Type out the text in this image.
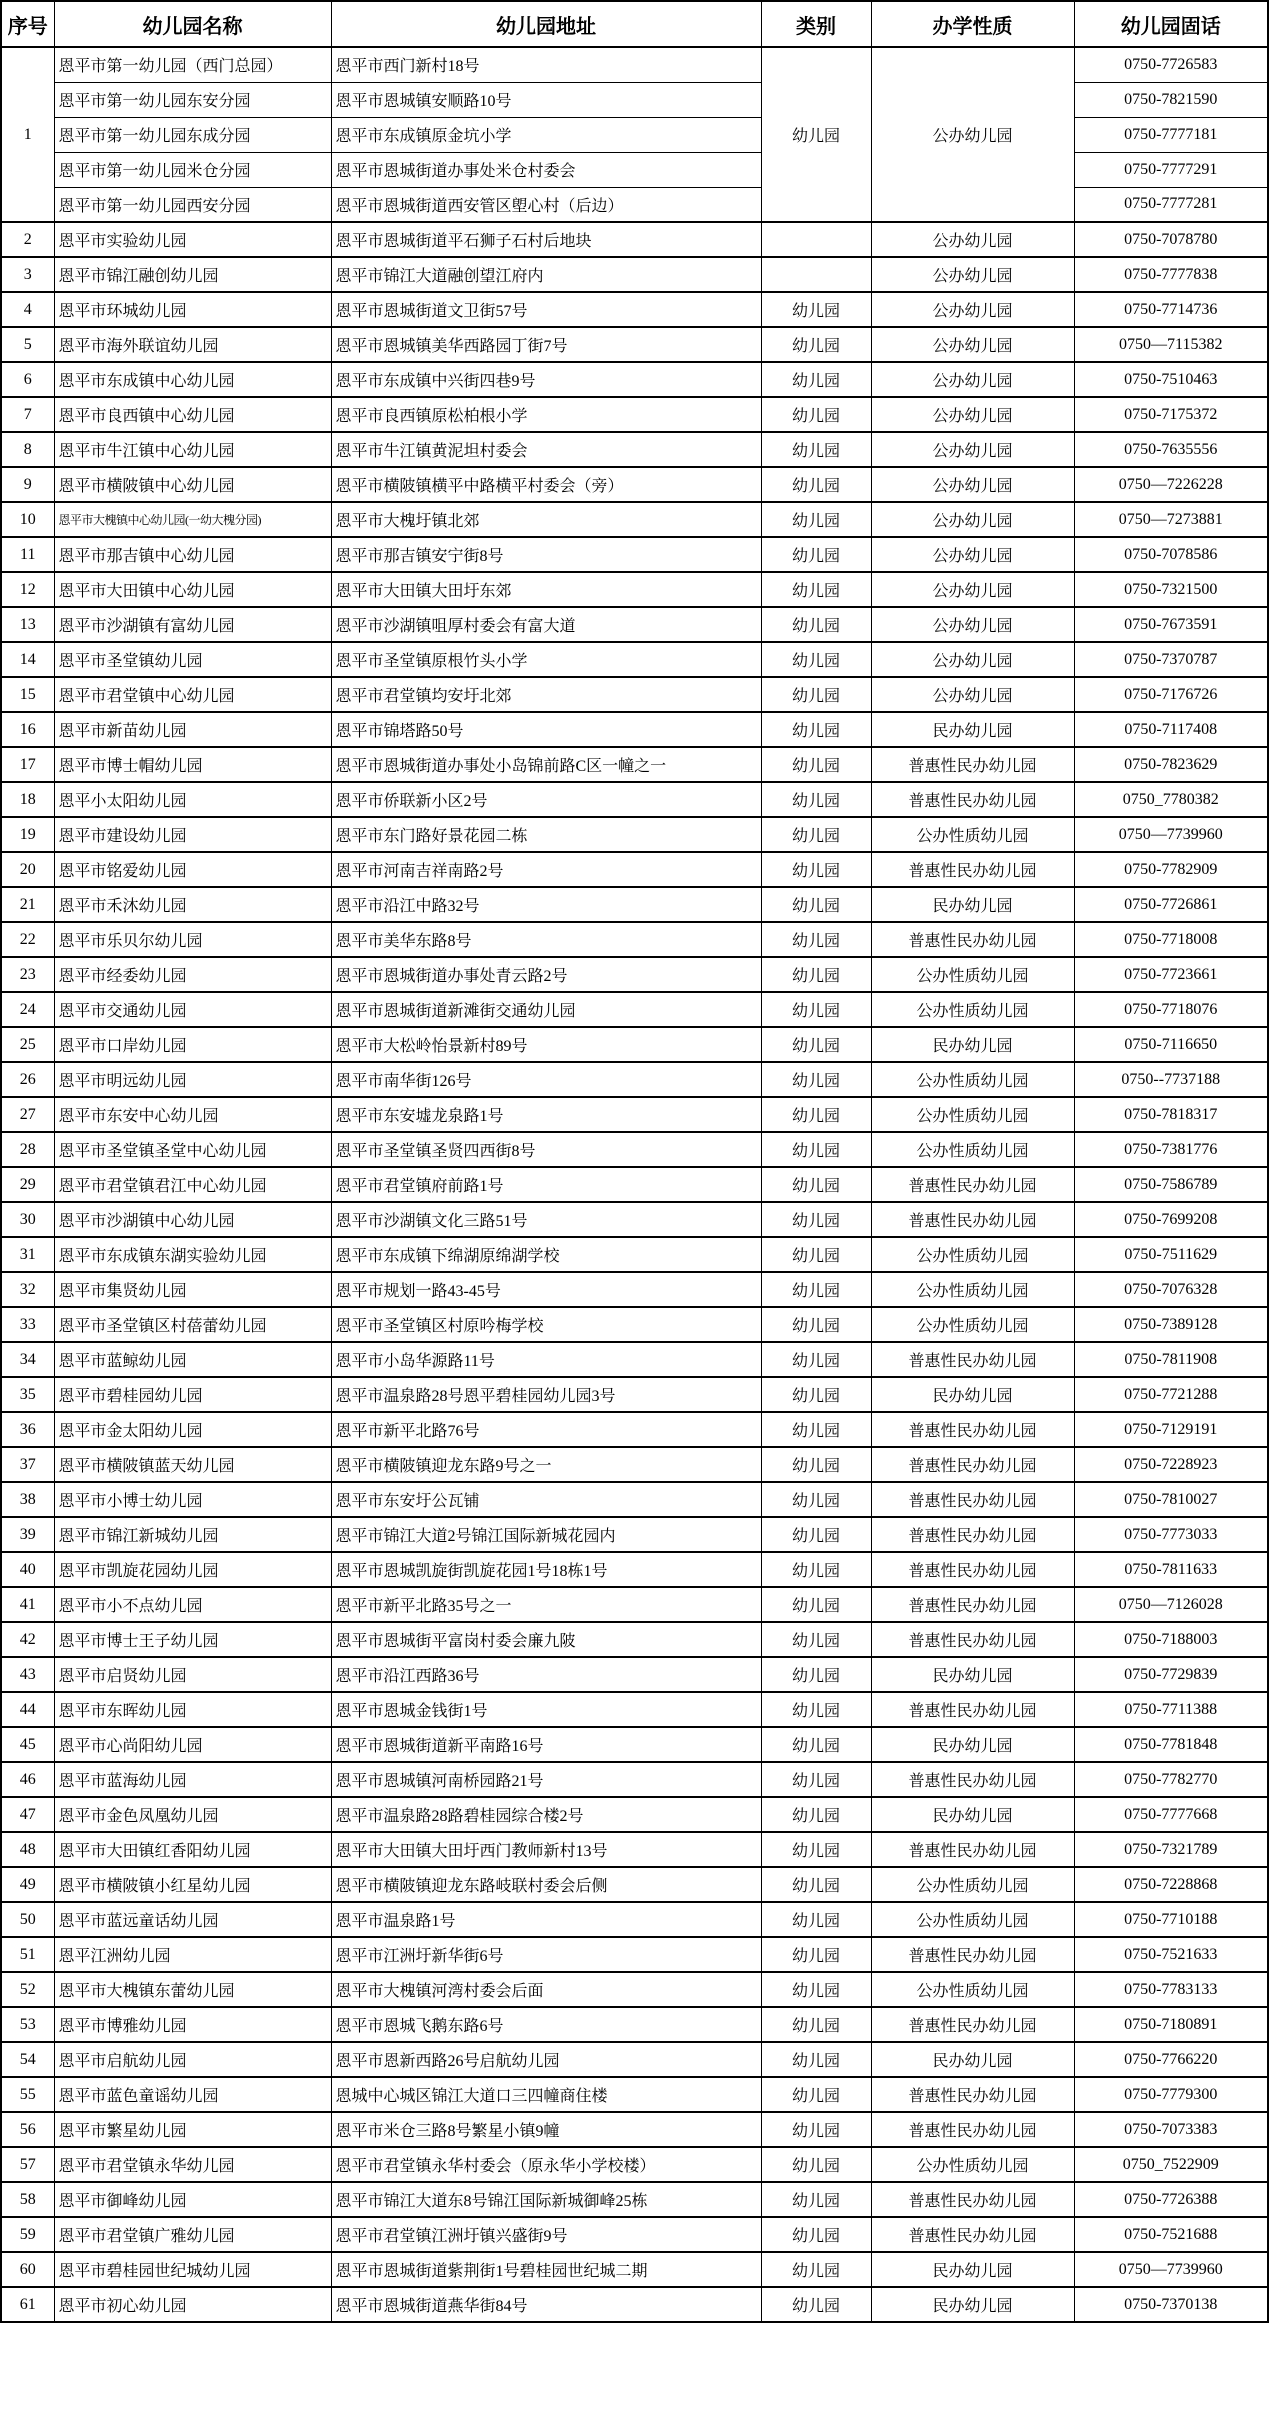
序号	幼儿园名称	幼儿园地址	类别	办学性质	幼儿园固话
1	恩平市第一幼儿园（西门总园）	恩平市西门新村18号	幼儿园	公办幼儿园	0750-7726583
	恩平市第一幼儿园东安分园	恩平市恩城镇安顺路10号			0750-7821590
	恩平市第一幼儿园东成分园	恩平市东成镇原金坑小学			0750-7777181
	恩平市第一幼儿园米仓分园	恩平市恩城街道办事处米仓村委会			0750-7777291
	恩平市第一幼儿园西安分园	恩平市恩城街道西安管区塱心村（后边）			0750-7777281
2	恩平市实验幼儿园	恩平市恩城街道平石狮子石村后地块		公办幼儿园	0750-7078780
3	恩平市锦江融创幼儿园	恩平市锦江大道融创望江府内		公办幼儿园	0750-7777838
4	恩平市环城幼儿园	恩平市恩城街道文卫街57号	幼儿园	公办幼儿园	0750-7714736
5	恩平市海外联谊幼儿园	恩平市恩城镇美华西路园丁街7号	幼儿园	公办幼儿园	0750—7115382
6	恩平市东成镇中心幼儿园	恩平市东成镇中兴街四巷9号	幼儿园	公办幼儿园	0750-7510463
7	恩平市良西镇中心幼儿园	恩平市良西镇原松柏根小学	幼儿园	公办幼儿园	0750-7175372
8	恩平市牛江镇中心幼儿园	恩平市牛江镇黄泥坦村委会	幼儿园	公办幼儿园	0750-7635556
9	恩平市横陂镇中心幼儿园	恩平市横陂镇横平中路横平村委会（旁）	幼儿园	公办幼儿园	0750—7226228
10	恩平市大槐镇中心幼儿园(一幼大槐分园)	恩平市大槐圩镇北郊	幼儿园	公办幼儿园	0750—7273881
11	恩平市那吉镇中心幼儿园	恩平市那吉镇安宁街8号	幼儿园	公办幼儿园	0750-7078586
12	恩平市大田镇中心幼儿园	恩平市大田镇大田圩东郊	幼儿园	公办幼儿园	0750-7321500
13	恩平市沙湖镇有富幼儿园	恩平市沙湖镇咀厚村委会有富大道	幼儿园	公办幼儿园	0750-7673591
14	恩平市圣堂镇幼儿园	恩平市圣堂镇原根竹头小学	幼儿园	公办幼儿园	0750-7370787
15	恩平市君堂镇中心幼儿园	恩平市君堂镇均安圩北郊	幼儿园	公办幼儿园	0750-7176726
16	恩平市新苗幼儿园	恩平市锦塔路50号	幼儿园	民办幼儿园	0750-7117408
17	恩平市博士帽幼儿园	恩平市恩城街道办事处小岛锦前路C区一幢之一	幼儿园	普惠性民办幼儿园	0750-7823629
18	恩平小太阳幼儿园	恩平市侨联新小区2号	幼儿园	普惠性民办幼儿园	0750_7780382
19	恩平市建设幼儿园	恩平市东门路好景花园二栋	幼儿园	公办性质幼儿园	0750—7739960
20	恩平市铭爱幼儿园	恩平市河南吉祥南路2号	幼儿园	普惠性民办幼儿园	0750-7782909
21	恩平市禾沐幼儿园	恩平市沿江中路32号	幼儿园	民办幼儿园	0750-7726861
22	恩平市乐贝尔幼儿园	恩平市美华东路8号	幼儿园	普惠性民办幼儿园	0750-7718008
23	恩平市经委幼儿园	恩平市恩城街道办事处青云路2号	幼儿园	公办性质幼儿园	0750-7723661
24	恩平市交通幼儿园	恩平市恩城街道新滩街交通幼儿园	幼儿园	公办性质幼儿园	0750-7718076
25	恩平市口岸幼儿园	恩平市大松岭怡景新村89号	幼儿园	民办幼儿园	0750-7116650
26	恩平市明远幼儿园	恩平市南华街126号	幼儿园	公办性质幼儿园	0750--7737188
27	恩平市东安中心幼儿园	恩平市东安墟龙泉路1号	幼儿园	公办性质幼儿园	0750-7818317
28	恩平市圣堂镇圣堂中心幼儿园	恩平市圣堂镇圣贤四西街8号	幼儿园	公办性质幼儿园	0750-7381776
29	恩平市君堂镇君江中心幼儿园	恩平市君堂镇府前路1号	幼儿园	普惠性民办幼儿园	0750-7586789
30	恩平市沙湖镇中心幼儿园	恩平市沙湖镇文化三路51号	幼儿园	普惠性民办幼儿园	0750-7699208
31	恩平市东成镇东湖实验幼儿园	恩平市东成镇下绵湖原绵湖学校	幼儿园	公办性质幼儿园	0750-7511629
32	恩平市集贤幼儿园	恩平市规划一路43-45号	幼儿园	公办性质幼儿园	0750-7076328
33	恩平市圣堂镇区村蓓蕾幼儿园	恩平市圣堂镇区村原吟梅学校	幼儿园	公办性质幼儿园	0750-7389128
34	恩平市蓝鲸幼儿园	恩平市小岛华源路11号	幼儿园	普惠性民办幼儿园	0750-7811908
35	恩平市碧桂园幼儿园	恩平市温泉路28号恩平碧桂园幼儿园3号	幼儿园	民办幼儿园	0750-7721288
36	恩平市金太阳幼儿园	恩平市新平北路76号	幼儿园	普惠性民办幼儿园	0750-7129191
37	恩平市横陂镇蓝天幼儿园	恩平市横陂镇迎龙东路9号之一	幼儿园	普惠性民办幼儿园	0750-7228923
38	恩平市小博士幼儿园	恩平市东安圩公瓦铺	幼儿园	普惠性民办幼儿园	0750-7810027
39	恩平市锦江新城幼儿园	恩平市锦江大道2号锦江国际新城花园内	幼儿园	普惠性民办幼儿园	0750-7773033
40	恩平市凯旋花园幼儿园	恩平市恩城凯旋街凯旋花园1号18栋1号	幼儿园	普惠性民办幼儿园	0750-7811633
41	恩平市小不点幼儿园	恩平市新平北路35号之一	幼儿园	普惠性民办幼儿园	0750—7126028
42	恩平市博士王子幼儿园	恩平市恩城街平富岗村委会廉九陂	幼儿园	普惠性民办幼儿园	0750-7188003
43	恩平市启贤幼儿园	恩平市沿江西路36号	幼儿园	民办幼儿园	0750-7729839
44	恩平市东晖幼儿园	恩平市恩城金钱街1号	幼儿园	普惠性民办幼儿园	0750-7711388
45	恩平市心尚阳幼儿园	恩平市恩城街道新平南路16号	幼儿园	民办幼儿园	0750-7781848
46	恩平市蓝海幼儿园	恩平市恩城镇河南桥园路21号	幼儿园	普惠性民办幼儿园	0750-7782770
47	恩平市金色凤凰幼儿园	恩平市温泉路28路碧桂园综合楼2号	幼儿园	民办幼儿园	0750-7777668
48	恩平市大田镇红香阳幼儿园	恩平市大田镇大田圩西门教师新村13号	幼儿园	普惠性民办幼儿园	0750-7321789
49	恩平市横陂镇小红星幼儿园	恩平市横陂镇迎龙东路岐联村委会后侧	幼儿园	公办性质幼儿园	0750-7228868
50	恩平市蓝远童话幼儿园	恩平市温泉路1号	幼儿园	公办性质幼儿园	0750-7710188
51	恩平江洲幼儿园	恩平市江洲圩新华街6号	幼儿园	普惠性民办幼儿园	0750-7521633
52	恩平市大槐镇东蕾幼儿园	恩平市大槐镇河湾村委会后面	幼儿园	公办性质幼儿园	0750-7783133
53	恩平市博雅幼儿园	恩平市恩城飞鹅东路6号	幼儿园	普惠性民办幼儿园	0750-7180891
54	恩平市启航幼儿园	恩平市恩新西路26号启航幼儿园	幼儿园	民办幼儿园	0750-7766220
55	恩平市蓝色童谣幼儿园	恩城中心城区锦江大道口三四幢商住楼	幼儿园	普惠性民办幼儿园	0750-7779300
56	恩平市繁星幼儿园	恩平市米仓三路8号繁星小镇9幢	幼儿园	普惠性民办幼儿园	0750-7073383
57	恩平市君堂镇永华幼儿园	恩平市君堂镇永华村委会（原永华小学校楼）	幼儿园	公办性质幼儿园	0750_7522909
58	恩平市御峰幼儿园	恩平市锦江大道东8号锦江国际新城御峰25栋	幼儿园	普惠性民办幼儿园	0750-7726388
59	恩平市君堂镇广雅幼儿园	恩平市君堂镇江洲圩镇兴盛街9号	幼儿园	普惠性民办幼儿园	0750-7521688
60	恩平市碧桂园世纪城幼儿园	恩平市恩城街道紫荆街1号碧桂园世纪城二期	幼儿园	民办幼儿园	0750—7739960
61	恩平市初心幼儿园	恩平市恩城街道燕华街84号	幼儿园	民办幼儿园	0750-7370138
